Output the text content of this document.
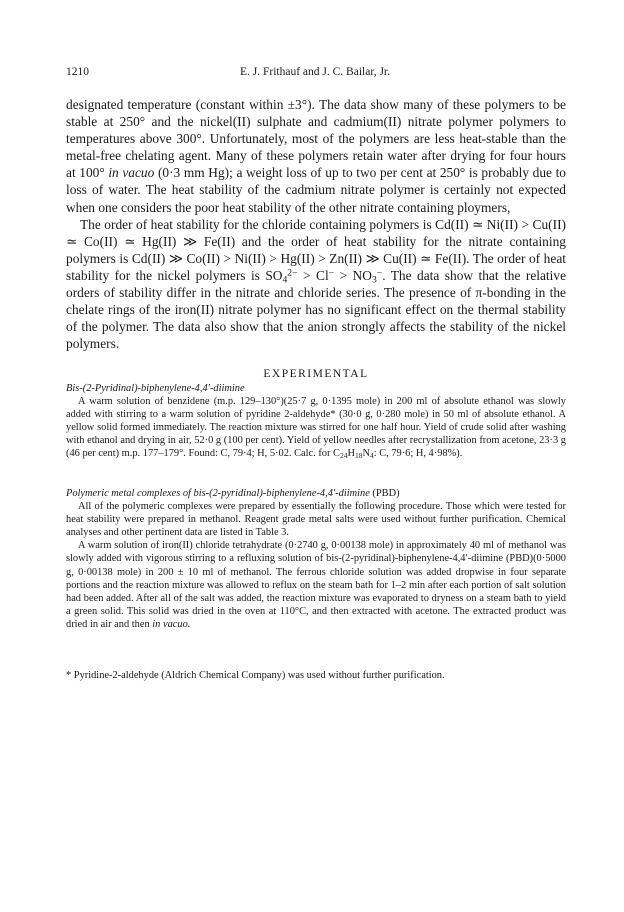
1210	E. J. Frithauf and J. C. Bailar, Jr.

designated temperature (constant within ±3°). The data show many of these polymers to be stable at 250° and the nickel(II) sulphate and cadmium(II) nitrate polymer polymers to temperatures above 300°. Unfortunately, most of the polymers are less heat-stable than the metal-free chelating agent. Many of these polymers retain water after drying for four hours at 100° in vacuo (0·3 mm Hg); a weight loss of up to two per cent at 250° is probably due to loss of water. The heat stability of the cadmium nitrate polymer is certainly not expected when one considers the poor heat stability of the other nitrate containing ploymers,

The order of heat stability for the chloride containing polymers is Cd(II) ≃ Ni(II) > Cu(II) ≃ Co(II) ≃ Hg(II) ≫ Fe(II) and the order of heat stability for the nitrate containing polymers is Cd(II) ≫ Co(II) > Ni(II) > Hg(II) > Zn(II) ≫ Cu(II) ≃ Fe(II). The order of heat stability for the nickel polymers is $SO_4^{2-} > Cl^- > NO_3^-$. The data show that the relative orders of stability differ in the nitrate and chloride series. The presence of π-bonding in the chelate rings of the iron(II) nitrate polymer has no significant effect on the thermal stability of the polymer. The data also show that the anion strongly affects the stability of the nickel polymers.

EXPERIMENTAL

Bis-(2-Pyridinal)-biphenylene-4,4′-diimine

A warm solution of benzidene (m.p. 129–130°)(25·7 g, 0·1395 mole) in 200 ml of absolute ethanol was slowly added with stirring to a warm solution of pyridine 2-aldehyde* (30·0 g, 0·280 mole) in 50 ml of absolute ethanol. A yellow solid formed immediately. The reaction mixture was stirred for one half hour. Yield of crude solid after washing with ethanol and drying in air, 52·0 g (100 per cent). Yield of yellow needles after recrystallization from acetone, 23·3 g (46 per cent) m.p. 177–179°. Found: C, 79·4; H, 5·02. Calc. for $C_{24}H_{18}N_4$: C, 79·6; H, 4·98%).

Polymeric metal complexes of bis-(2-pyridinal)-biphenylene-4,4′-diimine (PBD)

All of the polymeric complexes were prepared by essentially the following procedure. Those which were tested for heat stability were prepared in methanol. Reagent grade metal salts were used without further purification. Chemical analyses and other pertinent data are listed in Table 3.

A warm solution of iron(II) chloride tetrahydrate (0·2740 g, 0·00138 mole) in approximately 40 ml of methanol was slowly added with vigorous stirring to a refluxing solution of bis-(2-pyridinal)-biphenylene-4,4′-diimine (PBD)(0·5000 g, 0·00138 mole) in 200 ± 10 ml of methanol. The ferrous chloride solution was added dropwise in four separate portions and the reaction mixture was allowed to reflux on the steam bath for 1–2 min after each portion of salt solution had been added. After all of the salt was added, the reaction mixture was evaporated to dryness on a steam bath to yield a green solid. This solid was dried in the oven at 110°C, and then extracted with acetone. The extracted product was dried in air and then in vacuo.

* Pyridine-2-aldehyde (Aldrich Chemical Company) was used without further purification.
